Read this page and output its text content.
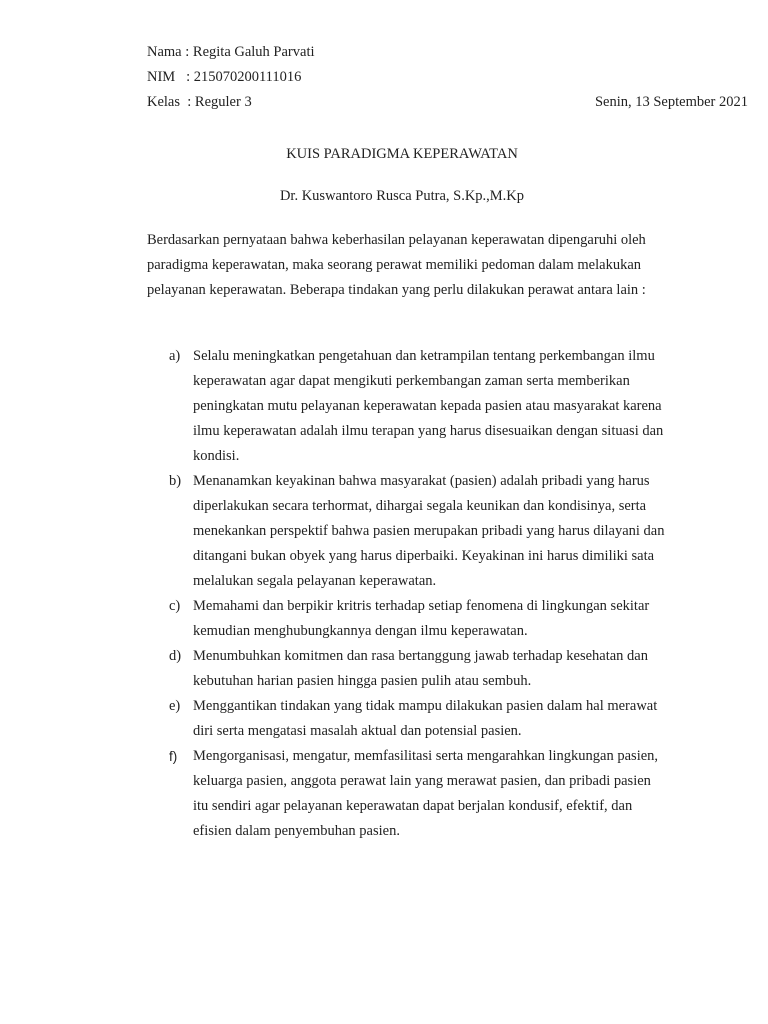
Nama : Regita Galuh Parvati
NIM   : 215070200111016
Kelas  : Reguler 3	Senin, 13 September 2021
KUIS PARADIGMA KEPERAWATAN
Dr. Kuswantoro Rusca Putra, S.Kp.,M.Kp
Berdasarkan pernyataan bahwa keberhasilan pelayanan keperawatan dipengaruhi oleh paradigma keperawatan, maka seorang perawat memiliki pedoman dalam melakukan pelayanan keperawatan. Beberapa tindakan yang perlu dilakukan perawat antara lain :
a) Selalu meningkatkan pengetahuan dan ketrampilan tentang perkembangan ilmu keperawatan agar dapat mengikuti perkembangan zaman serta memberikan peningkatan mutu pelayanan keperawatan kepada pasien atau masyarakat karena ilmu keperawatan adalah ilmu terapan yang harus disesuaikan dengan situasi dan kondisi.
b) Menanamkan keyakinan bahwa masyarakat (pasien) adalah pribadi yang harus diperlakukan secara terhormat, dihargai segala keunikan dan kondisinya, serta menekankan perspektif bahwa pasien merupakan pribadi yang harus dilayani dan ditangani bukan obyek yang harus diperbaiki. Keyakinan ini harus dimiliki sata melalukan segala pelayanan keperawatan.
c) Memahami dan berpikir kritris terhadap setiap fenomena di lingkungan sekitar kemudian menghubungkannya dengan ilmu keperawatan.
d) Menumbuhkan komitmen dan rasa bertanggung jawab terhadap kesehatan dan kebutuhan harian pasien hingga pasien pulih atau sembuh.
e) Menggantikan tindakan yang tidak mampu dilakukan pasien dalam hal merawat diri serta mengatasi masalah aktual dan potensial pasien.
f) Mengorganisasi, mengatur, memfasilitasi serta mengarahkan lingkungan pasien, keluarga pasien, anggota perawat lain yang merawat pasien, dan pribadi pasien itu sendiri agar pelayanan keperawatan dapat berjalan kondusif, efektif, dan efisien dalam penyembuhan pasien.
